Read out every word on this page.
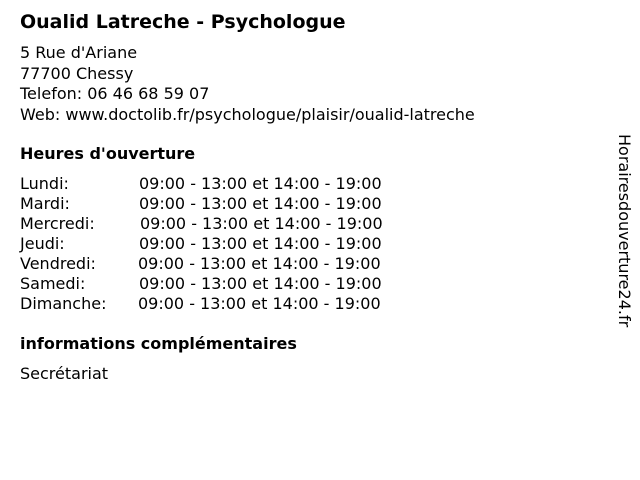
Oualid Latreche - Psychologue
5 Rue d'Ariane
77700 Chessy
Telefon: 06 46 68 59 07
Web: www.doctolib.fr/psychologue/plaisir/oualid-latreche
Heures d'ouverture
Lundi:	09:00 - 13:00 et 14:00 - 19:00
Mardi:	09:00 - 13:00 et 14:00 - 19:00
Mercredi:	09:00 - 13:00 et 14:00 - 19:00
Jeudi:	09:00 - 13:00 et 14:00 - 19:00
Vendredi:	09:00 - 13:00 et 14:00 - 19:00
Samedi:	09:00 - 13:00 et 14:00 - 19:00
Dimanche: 09:00 - 13:00 et 14:00 - 19:00
informations complémentaires
Secrétariat
Horairesdouverture24.fr
